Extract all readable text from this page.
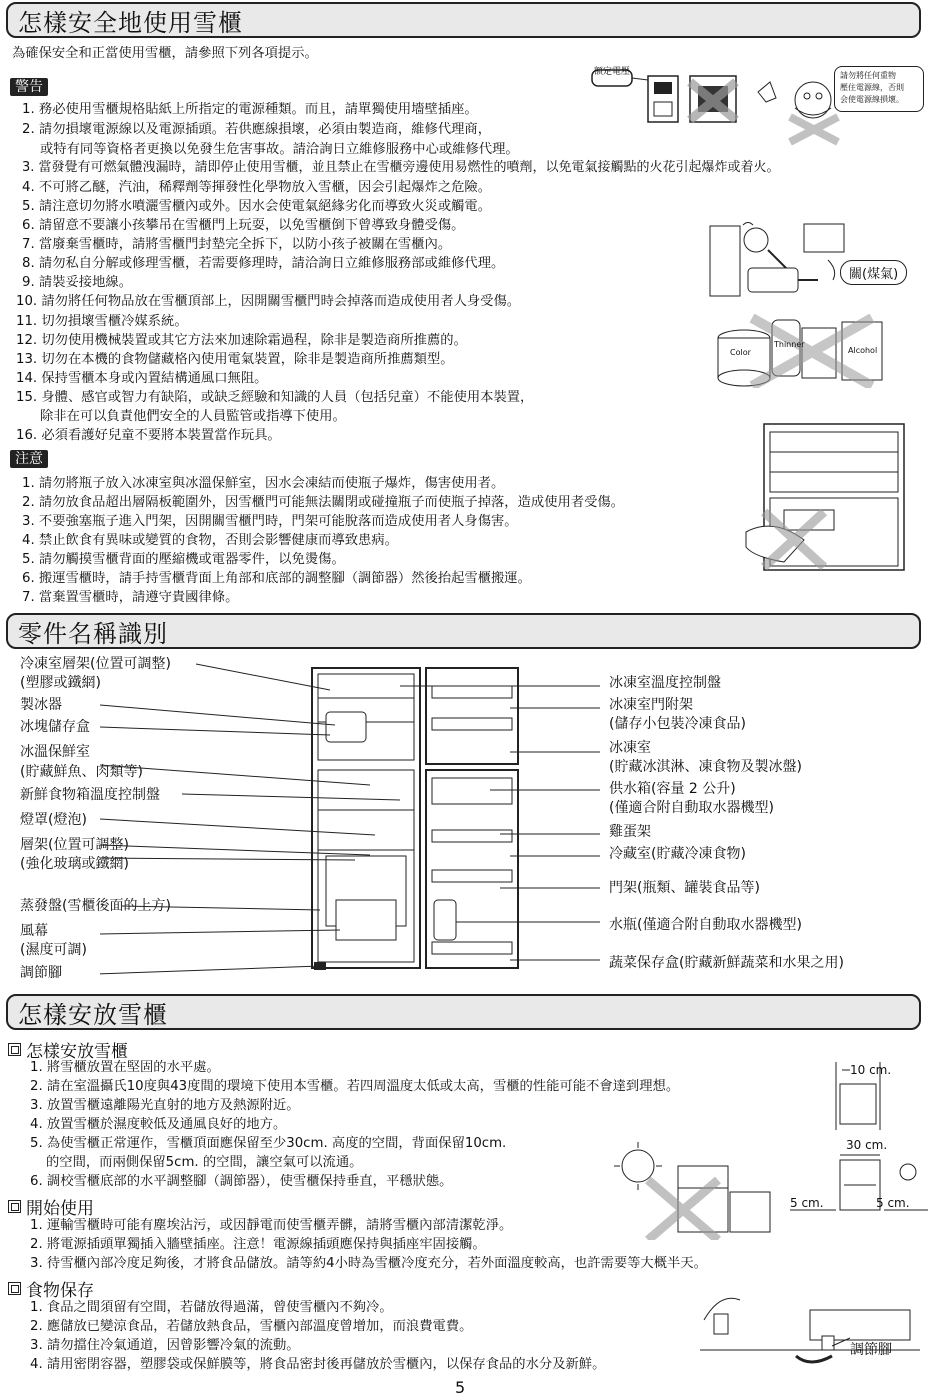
怎樣安全地使用雪櫃
為確保安全和正當使用雪櫃，請參照下列各項提示。
警告
1. 務必使用雪櫃規格貼紙上所指定的電源種類。而且，請單獨使用墻壁插座。
2. 請勿損壞電源線以及電源插頭。若供應線損壞，必須由製造商，維修代理商，
或特有同等資格者更換以免發生危害事故。請洽詢日立維修服務中心或維修代理。
3. 當發覺有可燃氣體洩漏時，請即停止使用雪櫃，並且禁止在雪櫃旁邊使用易燃性的噴劑，以免電氣接觸點的火花引起爆炸或着火。
4. 不可將乙醚，汽油，稀釋劑等揮發性化學物放入雪櫃，因会引起爆炸之危險。
5. 請注意切勿將水噴灑雪櫃內或外。因水会使電氣絕緣劣化而導致火災或觸電。
6. 請留意不要讓小孩攀吊在雪櫃門上玩耍，以免雪櫃倒下曾導致身體受傷。
7. 當廢棄雪櫃時，請將雪櫃門封墊完全拆下，以防小孩子被關在雪櫃內。
8. 請勿私自分解或修理雪櫃，若需要修理時，請洽詢日立維修服務部或維修代理。
9. 請裝妥接地線。
10. 請勿將任何物品放在雪櫃頂部上，因開關雪櫃門時会掉落而造成使用者人身受傷。
11. 切勿損壞雪櫃冷媒系統。
12. 切勿使用機械裝置或其它方法來加速除霜過程，除非是製造商所推薦的。
13. 切勿在本機的食物儲藏格內使用電氣裝置，除非是製造商所推薦類型。
14. 保持雪櫃本身或內置結構通風口無阻。
15. 身體、感官或智力有缺陷，或缺乏經驗和知識的人員（包括兒童）不能使用本裝置，
除非在可以負責他們安全的人員監管或指導下使用。
16. 必須看護好兒童不要將本裝置當作玩具。
額定電壓	請勿將任何重物
壓住電源線，否則
会使電源線損壞。
關(煤氣)
Color
Thinner
Alcohol
注意
1. 請勿將瓶子放入冰凍室與冰溫保鮮室，因水会凍結而使瓶子爆炸，傷害使用者。
2. 請勿放食品超出層隔板範圍外，因雪櫃門可能無法關閉或碰撞瓶子而使瓶子掉落，造成使用者受傷。
3. 不要強塞瓶子進入門架，因開關雪櫃門時，門架可能脫落而造成使用者人身傷害。
4. 禁止飲食有異味或變質的食物，否則会影響健康而導致患病。
5. 請勿觸摸雪櫃背面的壓縮機或電器零件，以免燙傷。
6. 搬運雪櫃時，請手持雪櫃背面上角部和底部的調整腳（調節器）然後抬起雪櫃搬運。
7. 當棄置雪櫃時，請遵守貴國律條。
零件名稱識別
冷凍室層架(位置可調整)
(塑膠或鐵網)
製冰器
冰塊儲存盒
冰溫保鮮室
(貯藏鮮魚、肉類等)
新鮮食物箱溫度控制盤
燈罩(燈泡)
層架(位置可調整)
(強化玻璃或鐵網)
蒸發盤(雪櫃後面的上方)
風幕
(濕度可調)
調節腳
冰凍室溫度控制盤
冰凍室門附架
(儲存小包裝冷凍食品)
冰凍室
(貯藏冰淇淋、凍食物及製冰盤)
供水箱(容量 2 公升)
(僅適合附自動取水器機型)
雞蛋架
冷藏室(貯藏冷凍食物)
門架(瓶類、罐裝食品等)
水瓶(僅適合附自動取水器機型)
蔬菜保存盒(貯藏新鮮蔬菜和水果之用)
怎樣安放雪櫃
怎樣安放雪櫃
1. 將雪櫃放置在堅固的水平處。
2. 請在室溫攝氏10度與43度間的環境下使用本雪櫃。若四周溫度太低或太高，雪櫃的性能可能不會達到理想。
3. 放置雪櫃遠離陽光直射的地方及熱源附近。
4. 放置雪櫃於濕度較低及通風良好的地方。
5. 為使雪櫃正常運作，雪櫃頂面應保留至少30cm. 高度的空間，背面保留10cm.
的空間，而兩側保留5cm. 的空間，讓空氣可以流通。
6. 調校雪櫃底部的水平調整腳（調節器），使雪櫃保持垂直，平穩狀態。
開始使用
1. 運輸雪櫃時可能有塵埃沾污，或因靜電而使雪櫃弄髒，請將雪櫃內部清潔乾淨。
2. 將電源插頭單獨插入牆壁插座。注意！電源線插頭應保持與插座牢固接觸。
3. 待雪櫃內部冷度足夠後，才將食品儲放。請等約4小時為雪櫃冷度充分，若外面溫度較高，也許需要等大概半天。
食物保存
1. 食品之間須留有空間，若儲放得過滿，曾使雪櫃內不夠冷。
2. 應儲放已變涼食品，若儲放熱食品，雪櫃內部溫度曾增加，而浪費電費。
3. 請勿擋住冷氣通道，因曾影響冷氣的流動。
4. 請用密閉容器，塑膠袋或保鮮膜等，將食品密封後再儲放於雪櫃內，以保存食品的水分及新鮮。
10 cm.
30 cm.
5 cm.	5 cm.
調節腳
5
